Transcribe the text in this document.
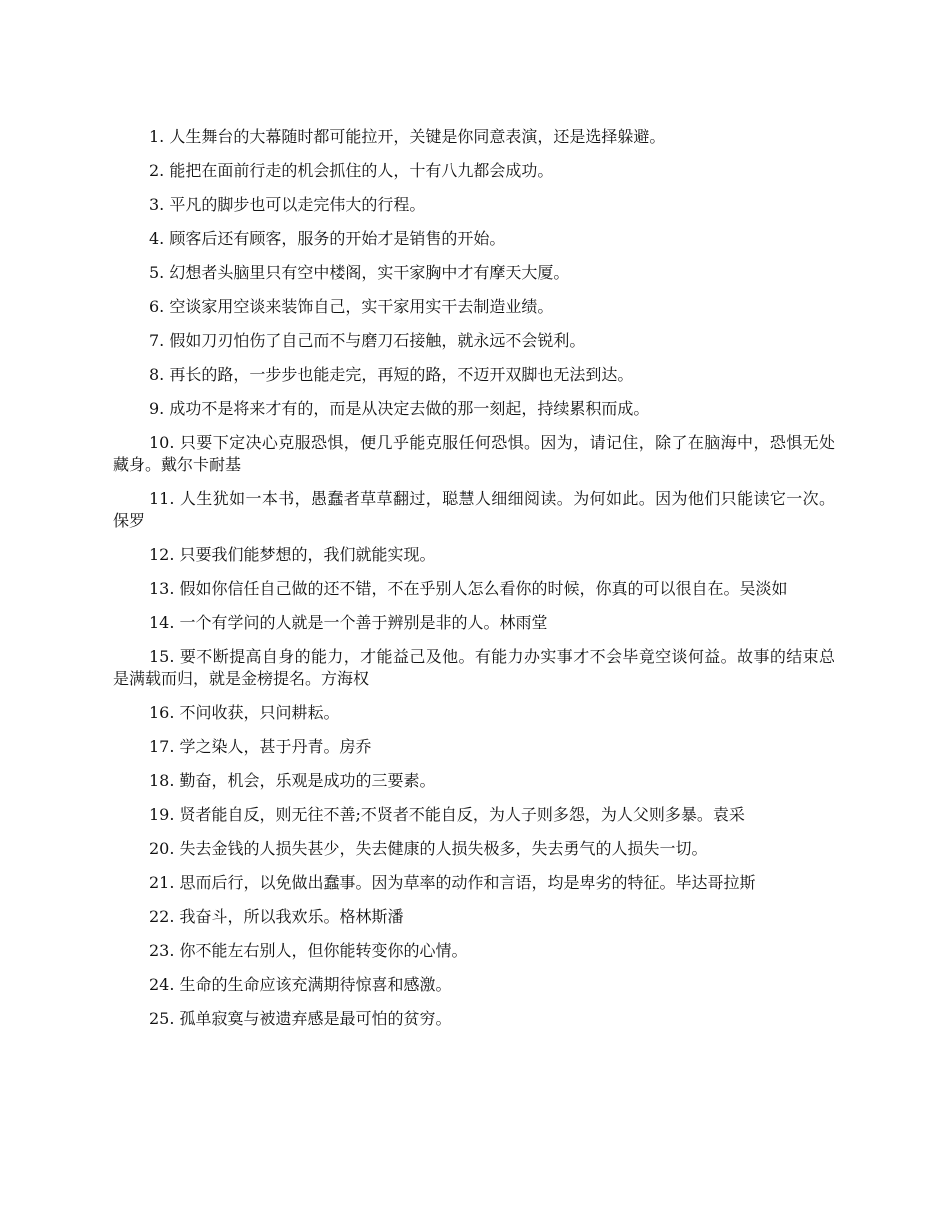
1. 人生舞台的大幕随时都可能拉开，关键是你同意表演，还是选择躲避。

2. 能把在面前行走的机会抓住的人，十有八九都会成功。

3. 平凡的脚步也可以走完伟大的行程。

4. 顾客后还有顾客，服务的开始才是销售的开始。

5. 幻想者头脑里只有空中楼阁，实干家胸中才有摩天大厦。

6. 空谈家用空谈来装饰自己，实干家用实干去制造业绩。

7. 假如刀刃怕伤了自己而不与磨刀石接触，就永远不会锐利。

8. 再长的路，一步步也能走完，再短的路，不迈开双脚也无法到达。

9. 成功不是将来才有的，而是从决定去做的那一刻起，持续累积而成。

10. 只要下定决心克服恐惧，便几乎能克服任何恐惧。因为，请记住，除了在脑海中，恐惧无处藏身。戴尔卡耐基

11. 人生犹如一本书，愚蠢者草草翻过，聪慧人细细阅读。为何如此。因为他们只能读它一次。保罗

12. 只要我们能梦想的，我们就能实现。

13. 假如你信任自己做的还不错，不在乎别人怎么看你的时候，你真的可以很自在。吴淡如

14. 一个有学问的人就是一个善于辨别是非的人。林雨堂

15. 要不断提高自身的能力，才能益己及他。有能力办实事才不会毕竟空谈何益。故事的结束总是满载而归，就是金榜提名。方海权

16. 不问收获，只问耕耘。

17. 学之染人，甚于丹青。房乔

18. 勤奋，机会，乐观是成功的三要素。

19. 贤者能自反，则无往不善;不贤者不能自反，为人子则多怨，为人父则多暴。袁采

20. 失去金钱的人损失甚少，失去健康的人损失极多，失去勇气的人损失一切。

21. 思而后行，以免做出蠢事。因为草率的动作和言语，均是卑劣的特征。毕达哥拉斯

22. 我奋斗，所以我欢乐。格林斯潘

23. 你不能左右别人，但你能转变你的心情。

24. 生命的生命应该充满期待惊喜和感激。

25. 孤单寂寞与被遗弃感是最可怕的贫穷。
